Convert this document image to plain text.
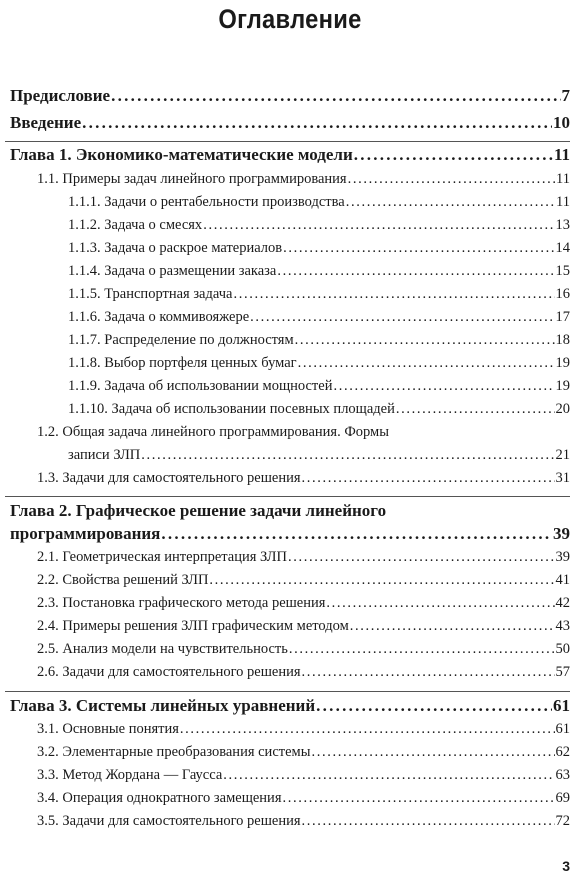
Оглавление
Предисловие . . .	7
Введение . . .	10
Глава 1. Экономико-математические модели . . .	11
1.1. Примеры задач линейного программирования . . .	11
1.1.1. Задачи о рентабельности производства . . .	11
1.1.2. Задача о смесях . . .	13
1.1.3. Задача о раскрое материалов . . .	14
1.1.4. Задача о размещении заказа . . .	15
1.1.5. Транспортная задача . . .	16
1.1.6. Задача о коммивояжере . . .	17
1.1.7. Распределение по должностям . . .	18
1.1.8. Выбор портфеля ценных бумаг . . .	19
1.1.9. Задача об использовании мощностей . . .	19
1.1.10. Задача об использовании посевных площадей . . .	20
1.2. Общая задача линейного программирования. Формы
записи ЗЛП . . .	21
1.3. Задачи для самостоятельного решения . . .	31
Глава 2. Графическое решение задачи линейного
программирования . . .	39
2.1. Геометрическая интерпретация ЗЛП . . .	39
2.2. Свойства решений ЗЛП . . .	41
2.3. Постановка графического метода решения . . .	42
2.4. Примеры решения ЗЛП графическим методом . . .	43
2.5. Анализ модели на чувствительность . . .	50
2.6. Задачи для самостоятельного решения . . .	57
Глава 3. Системы линейных уравнений . . .	61
3.1. Основные понятия . . .	61
3.2. Элементарные преобразования системы . . .	62
3.3. Метод Жордана — Гаусса . . .	63
3.4. Операция однократного замещения . . .	69
3.5. Задачи для самостоятельного решения . . .	72
3
